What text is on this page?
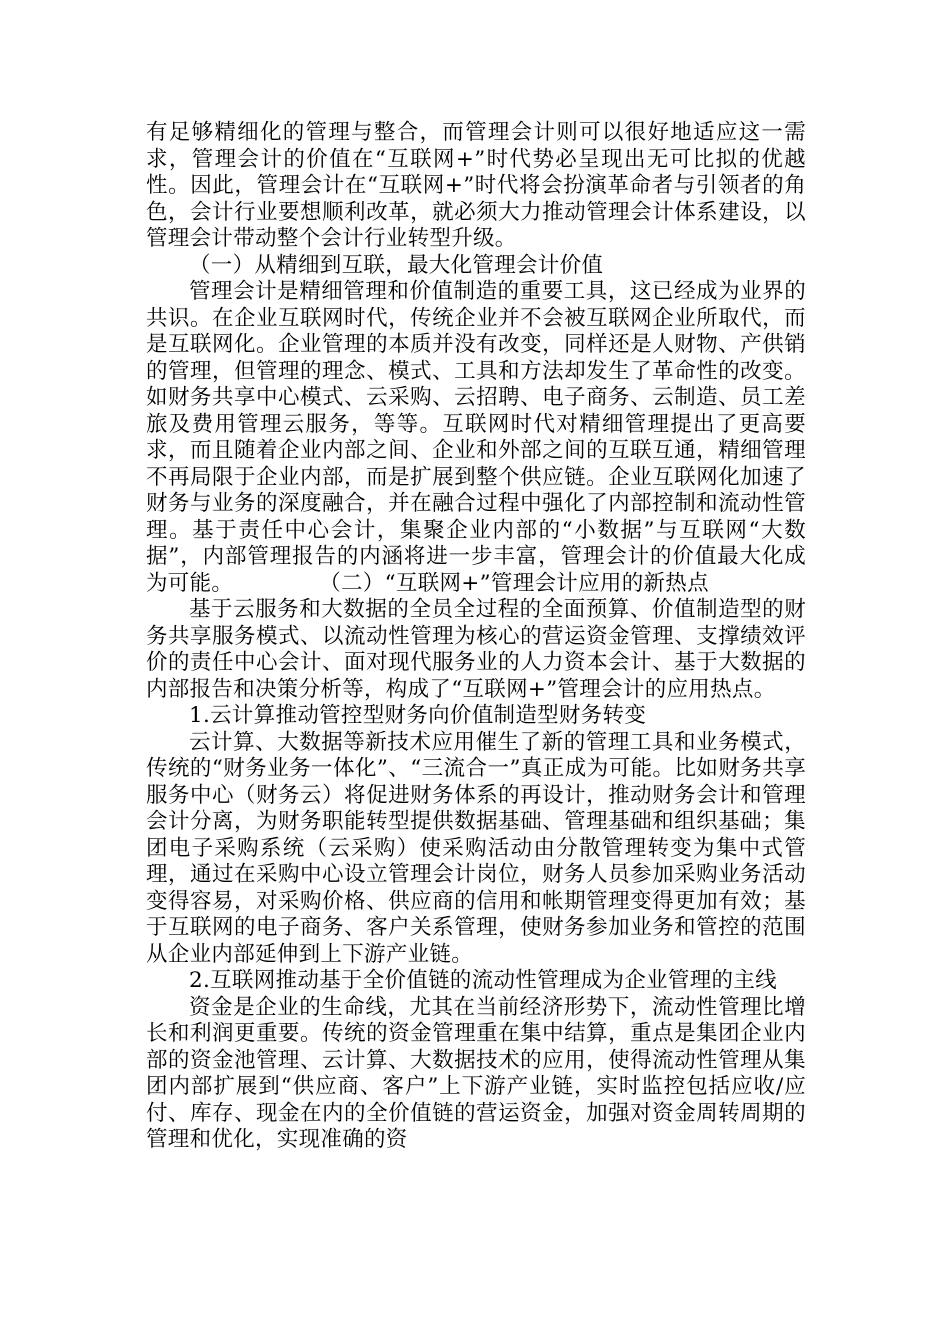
有足够精细化的管理与整合，而管理会计则可以很好地适应这一需求，管理会计的价值在“互联网+”时代势必呈现出无可比拟的优越性。因此，管理会计在“互联网+”时代将会扮演革命者与引领者的角色，会计行业要想顺利改革，就必须大力推动管理会计体系建设，以管理会计带动整个会计行业转型升级。

（一）从精细到互联，最大化管理会计价值

管理会计是精细管理和价值制造的重要工具，这已经成为业界的共识。在企业互联网时代，传统企业并不会被互联网企业所取代，而是互联网化。企业管理的本质并没有改变，同样还是人财物、产供销的管理，但管理的理念、模式、工具和方法却发生了革命性的改变。如财务共享中心模式、云采购、云招聘、电子商务、云制造、员工差旅及费用管理云服务，等等。互联网时代对精细管理提出了更高要求，而且随着企业内部之间、企业和外部之间的互联互通，精细管理不再局限于企业内部，而是扩展到整个供应链。企业互联网化加速了财务与业务的深度融合，并在融合过程中强化了内部控制和流动性管理。基于责任中心会计，集聚企业内部的“小数据”与互联网“大数据”，内部管理报告的内涵将进一步丰富，管理会计的价值最大化成为可能。	（二）“互联网+”管理会计应用的新热点

基于云服务和大数据的全员全过程的全面预算、价值制造型的财务共享服务模式、以流动性管理为核心的营运资金管理、支撑绩效评价的责任中心会计、面对现代服务业的人力资本会计、基于大数据的内部报告和决策分析等，构成了“互联网+”管理会计的应用热点。

1.云计算推动管控型财务向价值制造型财务转变

云计算、大数据等新技术应用催生了新的管理工具和业务模式，传统的“财务业务一体化”、“三流合一”真正成为可能。比如财务共享服务中心（财务云）将促进财务体系的再设计，推动财务会计和管理会计分离，为财务职能转型提供数据基础、管理基础和组织基础；集团电子采购系统（云采购）使采购活动由分散管理转变为集中式管理，通过在采购中心设立管理会计岗位，财务人员参加采购业务活动变得容易，对采购价格、供应商的信用和帐期管理变得更加有效；基于互联网的电子商务、客户关系管理，使财务参加业务和管控的范围从企业内部延伸到上下游产业链。

2.互联网推动基于全价值链的流动性管理成为企业管理的主线

资金是企业的生命线，尤其在当前经济形势下，流动性管理比增长和利润更重要。传统的资金管理重在集中结算，重点是集团企业内部的资金池管理、云计算、大数据技术的应用，使得流动性管理从集团内部扩展到“供应商、客户”上下游产业链，实时监控包括应收/应付、库存、现金在内的全价值链的营运资金，加强对资金周转周期的管理和优化，实现准确的资
